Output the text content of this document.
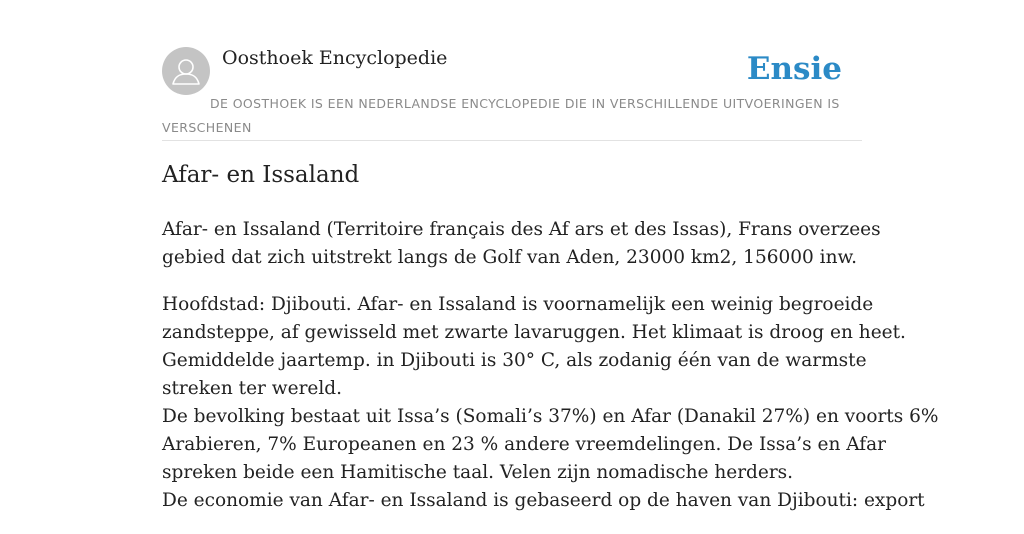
Oosthoek Encyclopedie	Ensie
DE OOSTHOEK IS EEN NEDERLANDSE ENCYCLOPEDIE DIE IN VERSCHILLENDE UITVOERINGEN IS VERSCHENEN
Afar- en Issaland

Afar- en Issaland (Territoire français des Af ars et des Issas), Frans overzees
gebied dat zich uitstrekt langs de Golf van Aden, 23000 km2, 156000 inw.

Hoofdstad: Djibouti. Afar- en Issaland is voornamelijk een weinig begroeide
zandsteppe, af gewisseld met zwarte lavaruggen. Het klimaat is droog en heet.
Gemiddelde jaartemp. in Djibouti is 30° C, als zodanig één van de warmste
streken ter wereld.
De bevolking bestaat uit Issa’s (Somali’s 37%) en Afar (Danakil 27%) en voorts 6%
Arabieren, 7% Europeanen en 23 % andere vreemdelingen. De Issa’s en Afar
spreken beide een Hamitische taal. Velen zijn nomadische herders.
De economie van Afar- en Issaland is gebaseerd op de haven van Djibouti: export
